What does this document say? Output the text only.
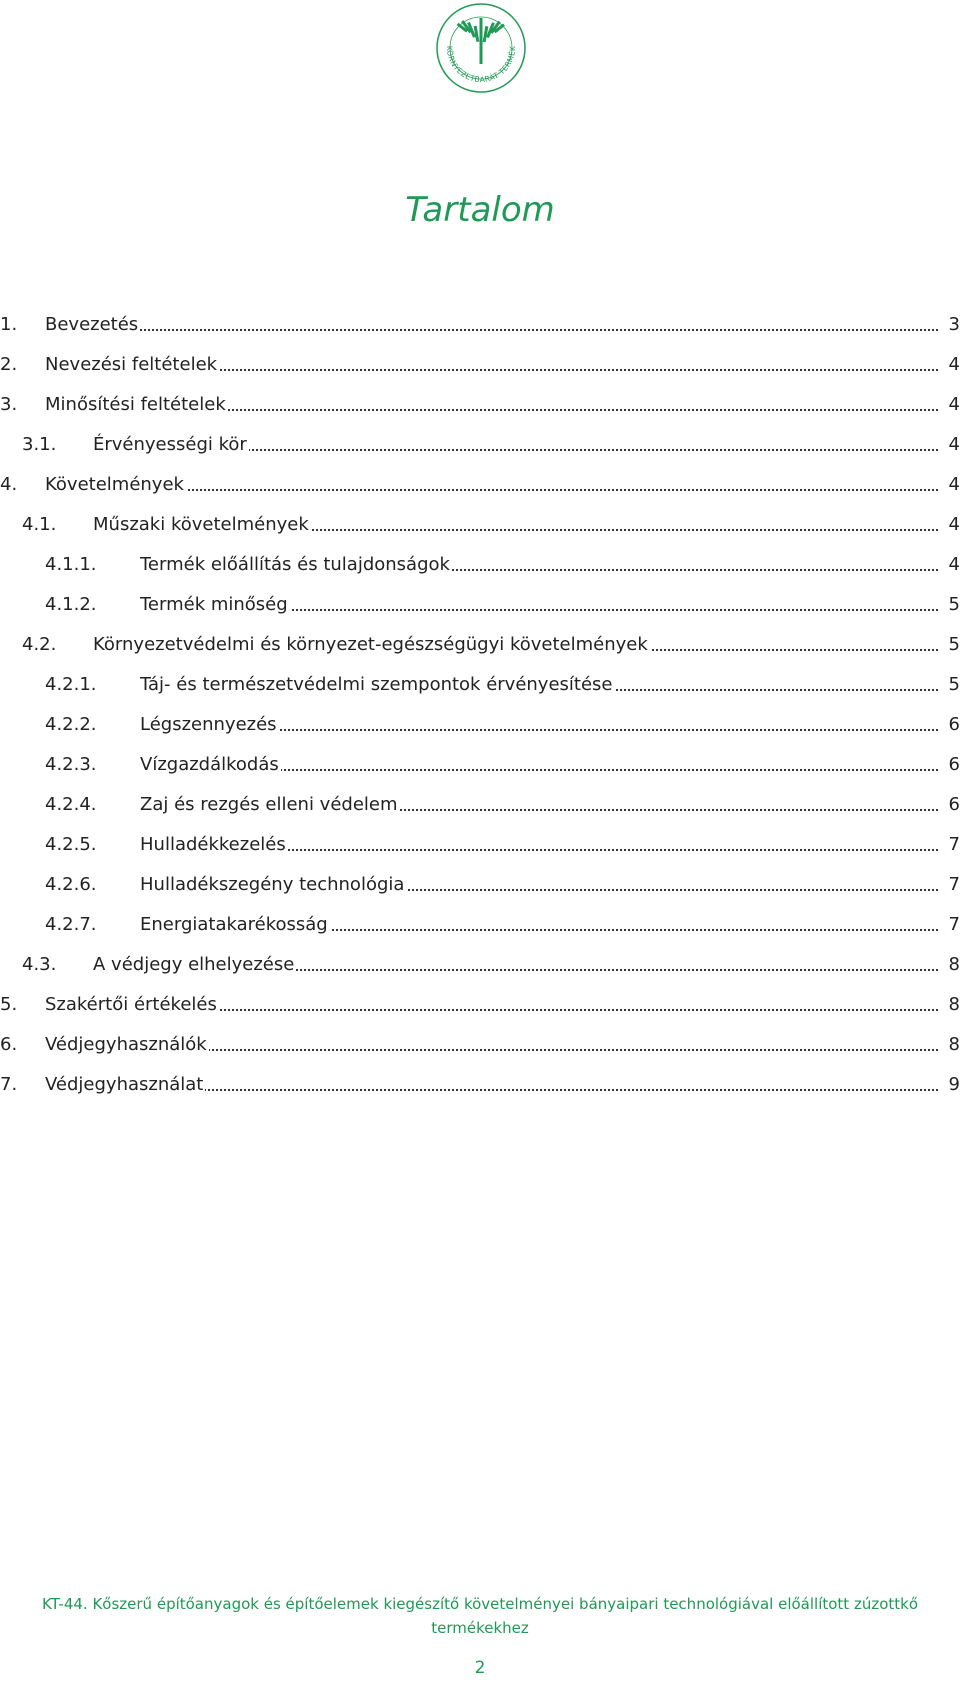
KÖRNYEZETBARÁT TERMÉK
Tartalom
1. Bevezetés	3
2. Nevezési feltételek	4
3. Minősítési feltételek	4
3.1. Érvényességi kör	4
4. Követelmények	4
4.1. Műszaki követelmények	4
4.1.1. Termék előállítás és tulajdonságok	4
4.1.2. Termék minőség	5
4.2. Környezetvédelmi és környezet-egészségügyi követelmények	5
4.2.1. Táj- és természetvédelmi szempontok érvényesítése	5
4.2.2. Légszennyezés	6
4.2.3. Vízgazdálkodás	6
4.2.4. Zaj és rezgés elleni védelem	6
4.2.5. Hulladékkezelés	7
4.2.6. Hulladékszegény technológia	7
4.2.7. Energiatakarékosság	7
4.3. A védjegy elhelyezése	8
5. Szakértői értékelés	8
6. Védjegyhasználók	8
7. Védjegyhasználat	9
KT-44. Kőszerű építőanyagok és építőelemek kiegészítő követelményei bányaipari technológiával előállított zúzottkő
termékekhez
2
